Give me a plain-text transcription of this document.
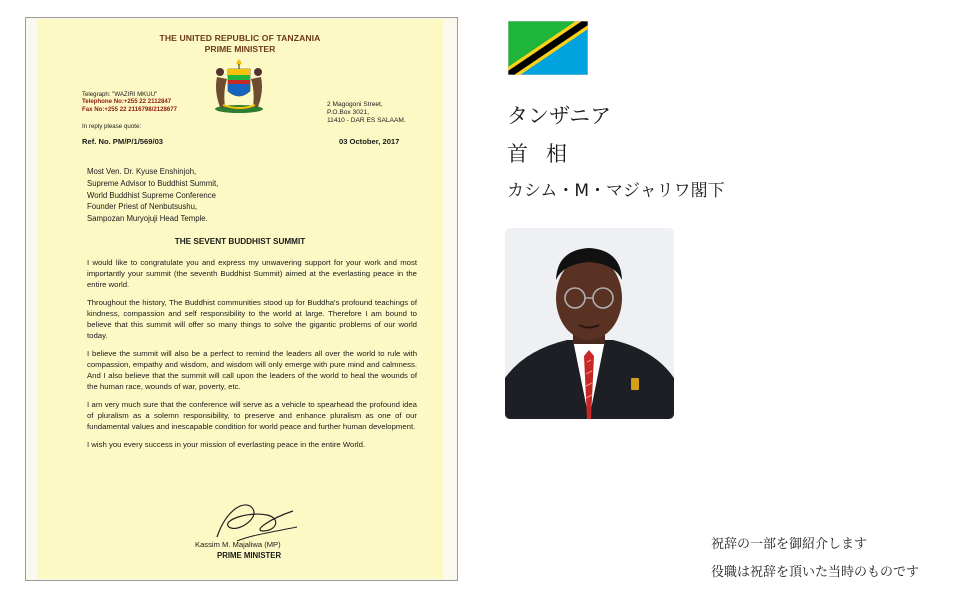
THE UNITED REPUBLIC OF TANZANIA
PRIME MINISTER
Telegraph: "WAZIRI MKUU"
Telephone No:+255 22 2112847
Fax No:+255 22 2116798/2128677
2 Magogoni Street,
P.O.Box 3021,
11410 - DAR ES SALAAM.
In reply please quote:
Ref. No. PM/P/1/569/03	03 October, 2017
Most Ven. Dr. Kyuse Enshinjoh,
Supreme Advisor to Buddhist Summit,
World Buddhist Supreme Conference
Founder Priest of Nenbutsushu,
Sampozan Muryojuji Head Temple.
THE SEVENT BUDDHIST SUMMIT

I would like to congratulate you and express my unwavering support for your work and most importantly your summit (the seventh Buddhist Summit) aimed at the everlasting peace in the entire world.

Throughout the history, The Buddhist communities stood up for Buddha's profound teachings of kindness, compassion and self responsibility to the world at large. Therefore I am bound to believe that this summit will offer so many things to solve the gigantic problems of our world today.

I believe the summit will also be a perfect to remind the leaders all over the world to rule with compassion, empathy and wisdom, and wisdom will only emerge with pure mind and calmness. And I also believe that the summit will call upon the leaders of the world to heal the wounds of the human race, wounds of war, poverty, etc.

I am very much sure that the conference will serve as a vehicle to spearhead the profound idea of pluralism as a solemn responsibility, to preserve and enhance pluralism as one of our fundamental values and inescapable condition for world peace and further human development.

I wish you every success in your mission of everlasting peace in the entire World.

Kassim M. Majaliwa (MP)
PRIME MINISTER
タンザニア
首相
カシム・M・マジャリワ閣下
祝辞の一部を御紹介します
役職は祝辞を頂いた当時のものです
